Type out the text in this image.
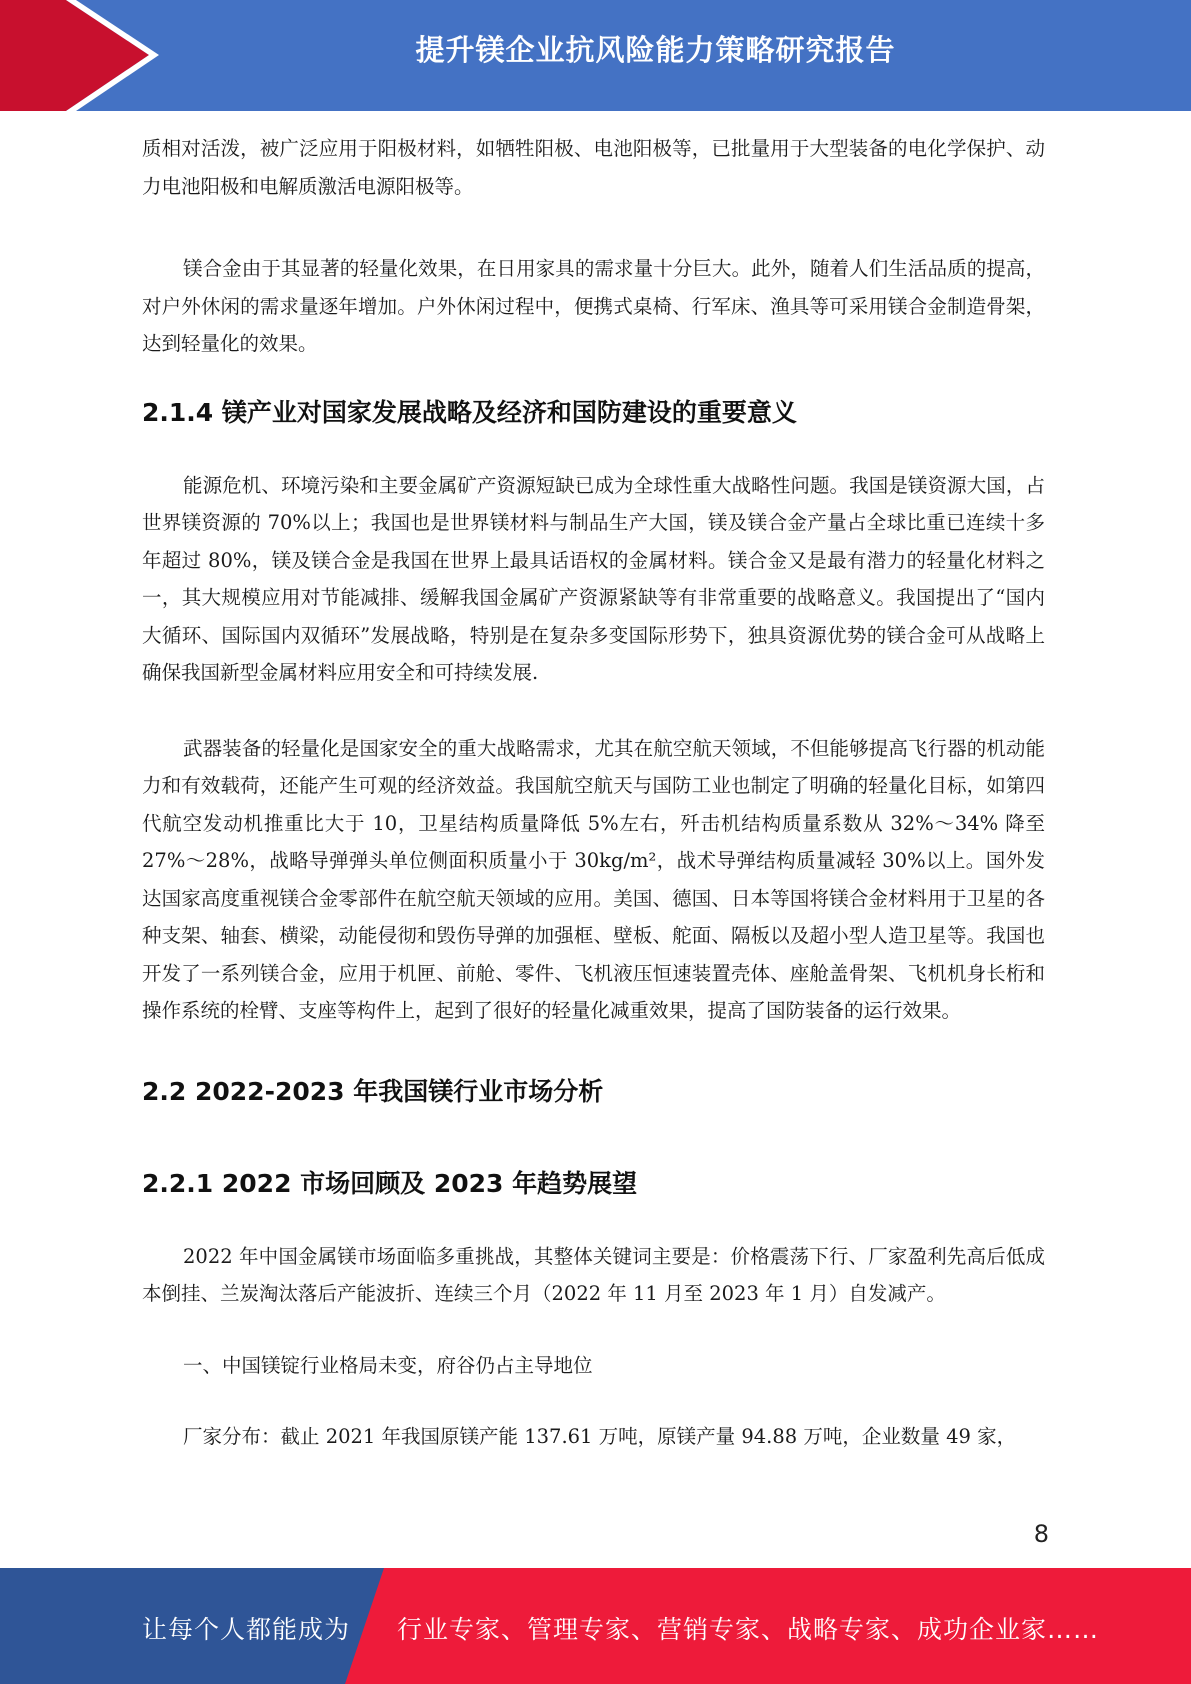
提升镁企业抗风险能力策略研究报告

质相对活泼，被广泛应用于阳极材料，如牺牲阳极、电池阳极等，已批量用于大型装备的电化学保护、动力电池阳极和电解质激活电源阳极等。

镁合金由于其显著的轻量化效果，在日用家具的需求量十分巨大。此外，随着人们生活品质的提高，对户外休闲的需求量逐年增加。户外休闲过程中，便携式桌椅、行军床、渔具等可采用镁合金制造骨架，达到轻量化的效果。

2.1.4 镁产业对国家发展战略及经济和国防建设的重要意义

能源危机、环境污染和主要金属矿产资源短缺已成为全球性重大战略性问题。我国是镁资源大国，占世界镁资源的 70%以上；我国也是世界镁材料与制品生产大国，镁及镁合金产量占全球比重已连续十多年超过 80%，镁及镁合金是我国在世界上最具话语权的金属材料。镁合金又是最有潜力的轻量化材料之一，其大规模应用对节能减排、缓解我国金属矿产资源紧缺等有非常重要的战略意义。我国提出了“国内大循环、国际国内双循环”发展战略，特别是在复杂多变国际形势下，独具资源优势的镁合金可从战略上确保我国新型金属材料应用安全和可持续发展.

武器装备的轻量化是国家安全的重大战略需求，尤其在航空航天领域，不但能够提高飞行器的机动能力和有效载荷，还能产生可观的经济效益。我国航空航天与国防工业也制定了明确的轻量化目标，如第四代航空发动机推重比大于 10，卫星结构质量降低 5%左右，歼击机结构质量系数从 32%～34% 降至 27%～28%，战略导弹弹头单位侧面积质量小于 30kg/m²，战术导弹结构质量减轻 30%以上。国外发达国家高度重视镁合金零部件在航空航天领域的应用。美国、德国、日本等国将镁合金材料用于卫星的各种支架、轴套、横梁，动能侵彻和毁伤导弹的加强框、壁板、舵面、隔板以及超小型人造卫星等。我国也开发了一系列镁合金，应用于机匣、前舱、零件、飞机液压恒速装置壳体、座舱盖骨架、飞机机身长桁和操作系统的栓臂、支座等构件上，起到了很好的轻量化减重效果，提高了国防装备的运行效果。

2.2 2022-2023 年我国镁行业市场分析
2.2.1 2022 市场回顾及 2023 年趋势展望

2022 年中国金属镁市场面临多重挑战，其整体关键词主要是：价格震荡下行、厂家盈利先高后低成本倒挂、兰炭淘汰落后产能波折、连续三个月（2022 年 11 月至 2023 年 1 月）自发减产。

一、中国镁锭行业格局未变，府谷仍占主导地位

厂家分布：截止 2021 年我国原镁产能 137.61 万吨，原镁产量 94.88 万吨，企业数量 49 家，

8
让每个人都能成为 行业专家、管理专家、营销专家、战略专家、成功企业家……
